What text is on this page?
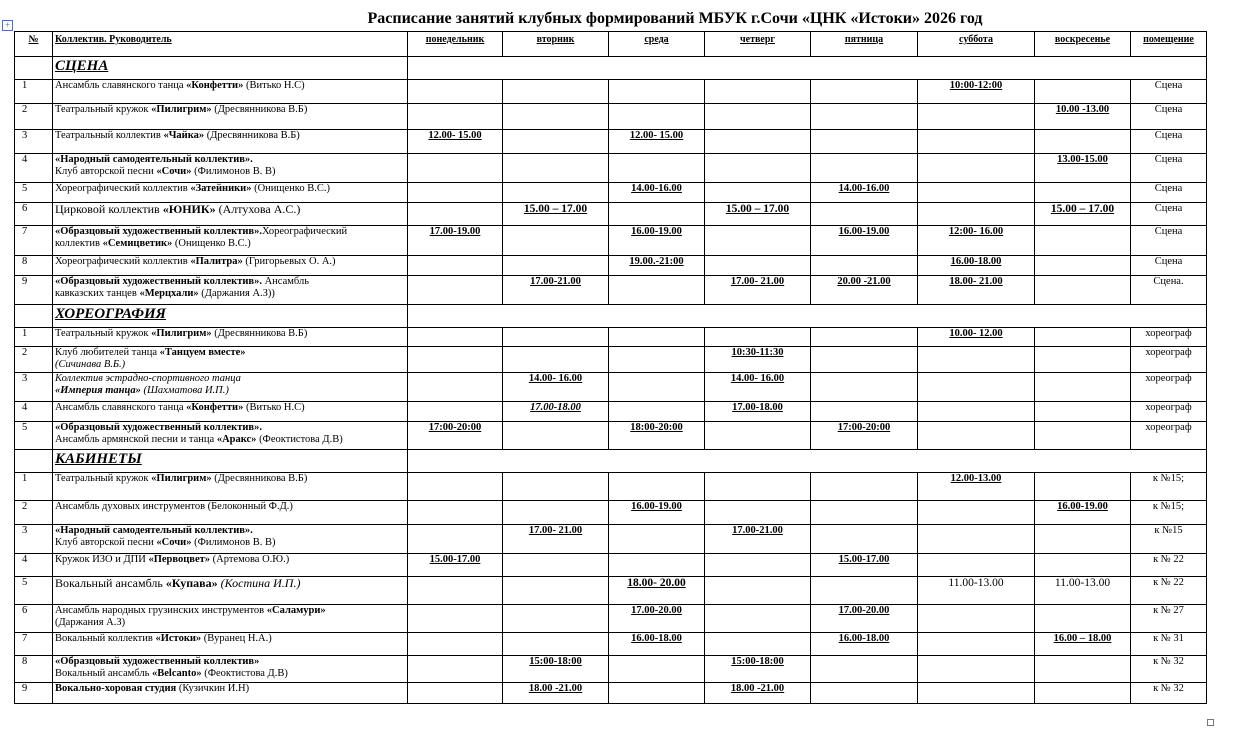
+	Расписание занятий клубных формирований МБУК г.Сочи «ЦНК «Истоки» 2026 год
№	Коллектив. Руководитель	понедельник	вторник	среда	четверг	пятница	суббота	воскресенье	помещение
	СЦЕНА								
1	Ансамбль славянского танца «Конфетти» (Витько Н.С)						10:00-12:00		Сцена
2	Театральный кружок «Пилигрим» (Дресвянникова В.Б)							10.00 -13.00	Сцена
3	Театральный коллектив «Чайка» (Дресвянникова В.Б)	12.00- 15.00		12.00- 15.00					Сцена
4	«Народный самодеятельный коллектив».
Клуб авторской песни «Сочи» (Филимонов В. В)							13.00-15.00	Сцена
5	Хореографический коллектив «Затейники» (Онищенко В.С.)			14.00-16.00		14.00-16.00			Сцена
6	Цирковой коллектив «ЮНИК» (Алтухова А.С.)		15.00 – 17.00		15.00 – 17.00			15.00 – 17.00	Сцена
7	«Образцовый художественный коллектив».Хореографический
коллектив «Семицветик» (Онищенко В.С.)	17.00-19.00		16.00-19.00		16.00-19.00	12:00- 16.00		Сцена
8	Хореографический коллектив «Палитра» (Григорьевых О. А.)			19.00.-21:00			16.00-18.00		Сцена
9	«Образцовый художественный коллектив». Ансамбль
кавказских танцев «Мерцхали» (Даржания А.З))		17.00-21.00		17.00- 21.00	20.00 -21.00	18.00- 21.00		Сцена.
	ХОРЕОГРАФИЯ								
1	Театральный кружок «Пилигрим» (Дресвянникова В.Б)						10.00- 12.00		хореограф
2	Клуб любителей танца «Танцуем вместе»
(Сичинава В.Б.)				10:30-11:30				хореограф
3	Коллектив эстрадно-спортивного танца
«Империя танца» (Шахматова И.П.)		14.00- 16.00		14.00- 16.00				хореограф
4	Ансамбль славянского танца «Конфетти» (Витько Н.С)		17.00-18.00		17.00-18.00				хореограф
5	«Образцовый художественный коллектив».
Ансамбль армянской песни и танца «Аракс» (Феоктистова Д.В)	17:00-20:00		18:00-20:00		17:00-20:00			хореограф
	КАБИНЕТЫ								
1	Театральный кружок «Пилигрим» (Дресвянникова В.Б)						12.00-13.00		к №15;
2	Ансамбль духовых инструментов (Белоконный Ф.Д.)			16.00-19.00				16.00-19.00	к №15;
3	«Народный самодеятельный коллектив».
Клуб авторской песни «Сочи» (Филимонов В. В)		17.00- 21.00		17.00-21.00				к №15
4	Кружок ИЗО и ДПИ «Первоцвет» (Артемова О.Ю.)	15.00-17.00				15.00-17.00			к № 22
5	Вокальный ансамбль «Купава» (Костина И.П.)			18.00- 20.00			11.00-13.00	11.00-13.00	к № 22
6	Ансамбль народных грузинских инструментов «Саламури»
(Даржания А.З)			17.00-20.00		17.00-20.00			к № 27
7	Вокальный коллектив «Истоки» (Вуранец Н.А.)			16.00-18.00		16.00-18.00		16.00 – 18.00	к № 31
8	«Образцовый художественный коллектив»
Вокальный ансамбль «Belcanto» (Феоктистова Д.В)		15:00-18:00		15:00-18:00				к № 32
9	Вокально-хоровая студия (Кузичкин И.Н)		18.00 -21.00		18.00 -21.00				к № 32
